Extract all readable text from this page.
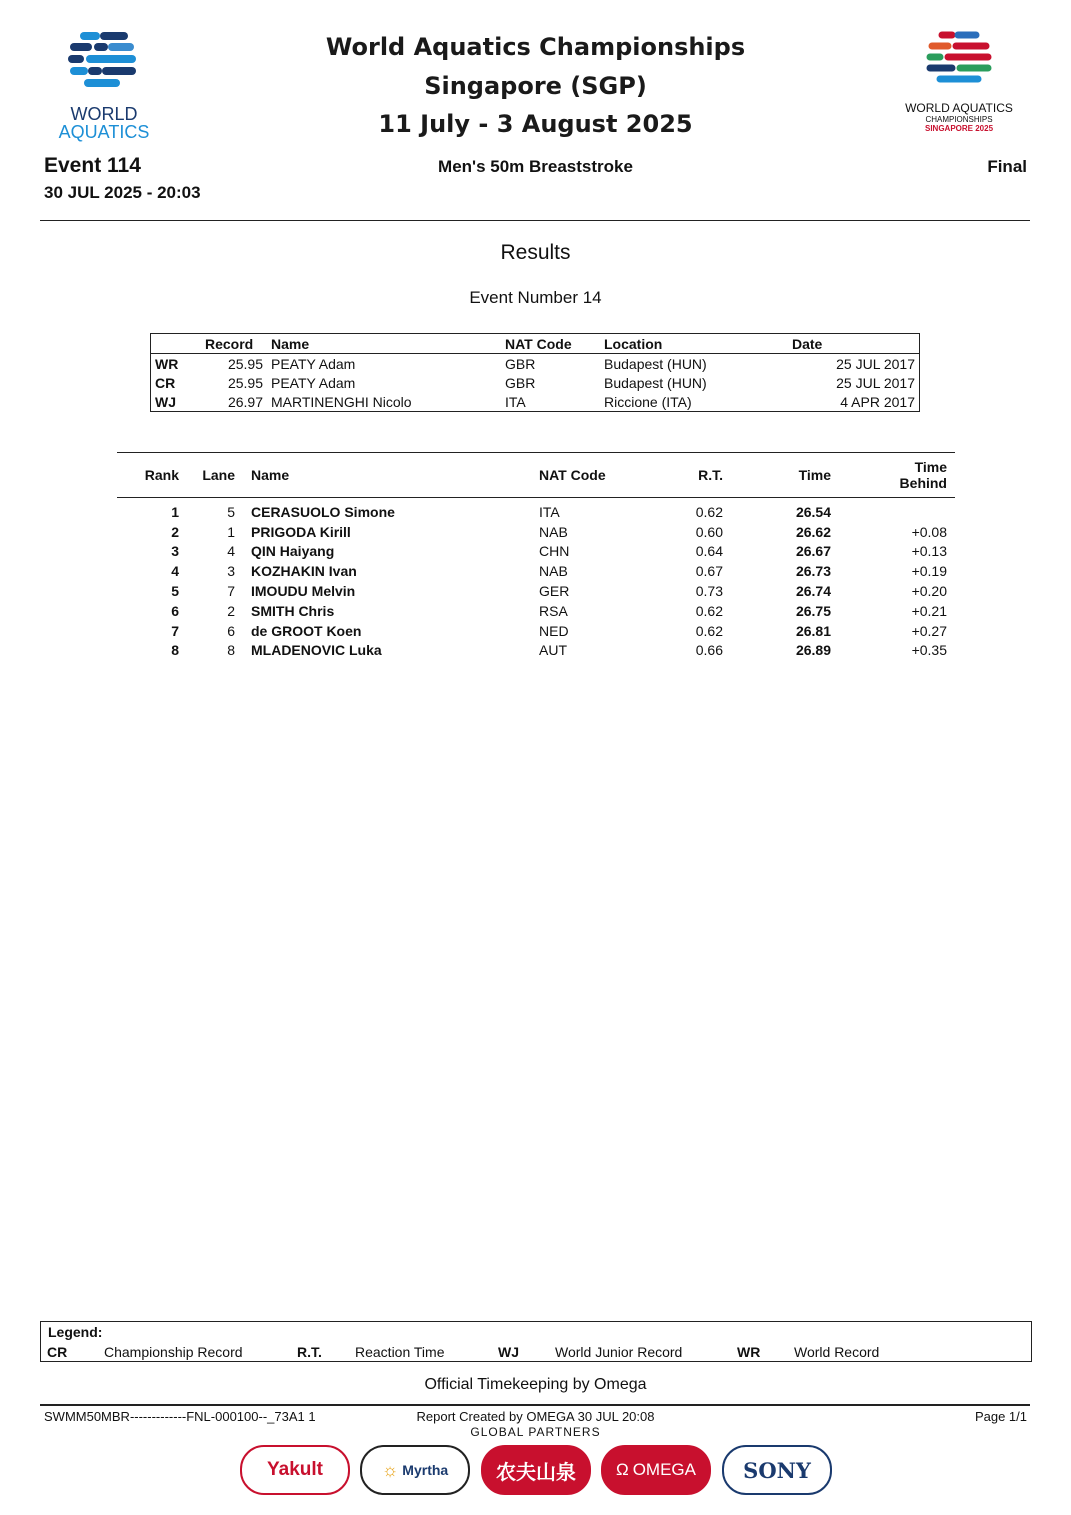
WORLD
AQUATICS
WORLD AQUATICS
CHAMPIONSHIPS
SINGAPORE 2025
World Aquatics Championships
Singapore (SGP)
11 July - 3 August 2025
Event 114
30 JUL 2025 - 20:03
Men's 50m Breaststroke	Final
Results
Event Number 14
	Record	Name	NAT Code	Location	Date
WR	25.95	PEATY Adam	GBR	Budapest (HUN)	25 JUL 2017
CR	25.95	PEATY Adam	GBR	Budapest (HUN)	25 JUL 2017
WJ	26.97	MARTINENGHI Nicolo	ITA	Riccione (ITA)	4 APR 2017
Rank	Lane	Name	NAT Code	R.T.	Time	Time
Behind

1	5	CERASUOLO Simone	ITA	0.62	26.54	
2	1	PRIGODA Kirill	NAB	0.60	26.62	+0.08
3	4	QIN Haiyang	CHN	0.64	26.67	+0.13
4	3	KOZHAKIN Ivan	NAB	0.67	26.73	+0.19
5	7	IMOUDU Melvin	GER	0.73	26.74	+0.20
6	2	SMITH Chris	RSA	0.62	26.75	+0.21
7	6	de GROOT Koen	NED	0.62	26.81	+0.27
8	8	MLADENOVIC Luka	AUT	0.66	26.89	+0.35
Legend:
CR	Championship Record	R.T. Reaction Time	WJ	World Junior Record	WR World Record
Official Timekeeping by Omega
SWMM50MBR-------------FNL-000100--_73A1 1	Report Created by OMEGA 30 JUL 20:08	Page 1/1
GLOBAL PARTNERS
Yakult	☼ Myrtha	农夫山泉	Ω OMEGA	SONY
